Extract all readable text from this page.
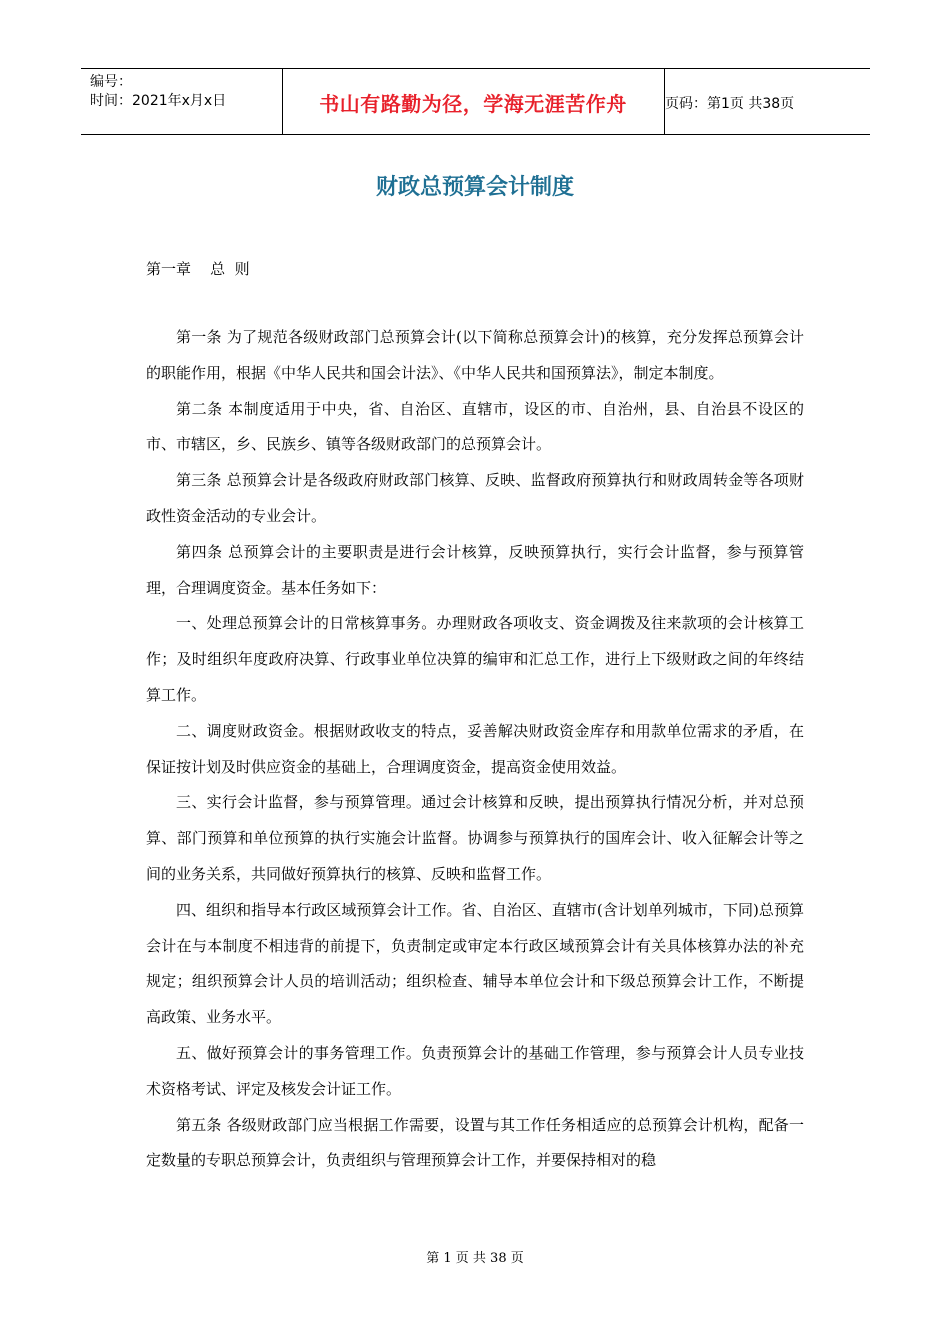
编号：
时间：2021年x月x日	书山有路勤为径，学海无涯苦作舟	页码：第1页 共38页
财政总预算会计制度
第一章    总  则

第一条 为了规范各级财政部门总预算会计(以下简称总预算会计)的核算，充分发挥总预算会计的职能作用，根据《中华人民共和国会计法》、《中华人民共和国预算法》，制定本制度。

第二条 本制度适用于中央，省、自治区、直辖市，设区的市、自治州，县、自治县不设区的市、市辖区，乡、民族乡、镇等各级财政部门的总预算会计。

第三条 总预算会计是各级政府财政部门核算、反映、监督政府预算执行和财政周转金等各项财政性资金活动的专业会计。

第四条 总预算会计的主要职责是进行会计核算，反映预算执行，实行会计监督，参与预算管理，合理调度资金。基本任务如下：

一、处理总预算会计的日常核算事务。办理财政各项收支、资金调拨及往来款项的会计核算工作；及时组织年度政府决算、行政事业单位决算的编审和汇总工作，进行上下级财政之间的年终结算工作。

二、调度财政资金。根据财政收支的特点，妥善解决财政资金库存和用款单位需求的矛盾，在保证按计划及时供应资金的基础上，合理调度资金，提高资金使用效益。

三、实行会计监督，参与预算管理。通过会计核算和反映，提出预算执行情况分析，并对总预算、部门预算和单位预算的执行实施会计监督。协调参与预算执行的国库会计、收入征解会计等之间的业务关系，共同做好预算执行的核算、反映和监督工作。

四、组织和指导本行政区域预算会计工作。省、自治区、直辖市(含计划单列城市，下同)总预算会计在与本制度不相违背的前提下，负责制定或审定本行政区域预算会计有关具体核算办法的补充规定；组织预算会计人员的培训活动；组织检查、辅导本单位会计和下级总预算会计工作，不断提高政策、业务水平。

五、做好预算会计的事务管理工作。负责预算会计的基础工作管理，参与预算会计人员专业技术资格考试、评定及核发会计证工作。

第五条 各级财政部门应当根据工作需要，设置与其工作任务相适应的总预算会计机构，配备一定数量的专职总预算会计，负责组织与管理预算会计工作，并要保持相对的稳

第 1 页 共 38 页
